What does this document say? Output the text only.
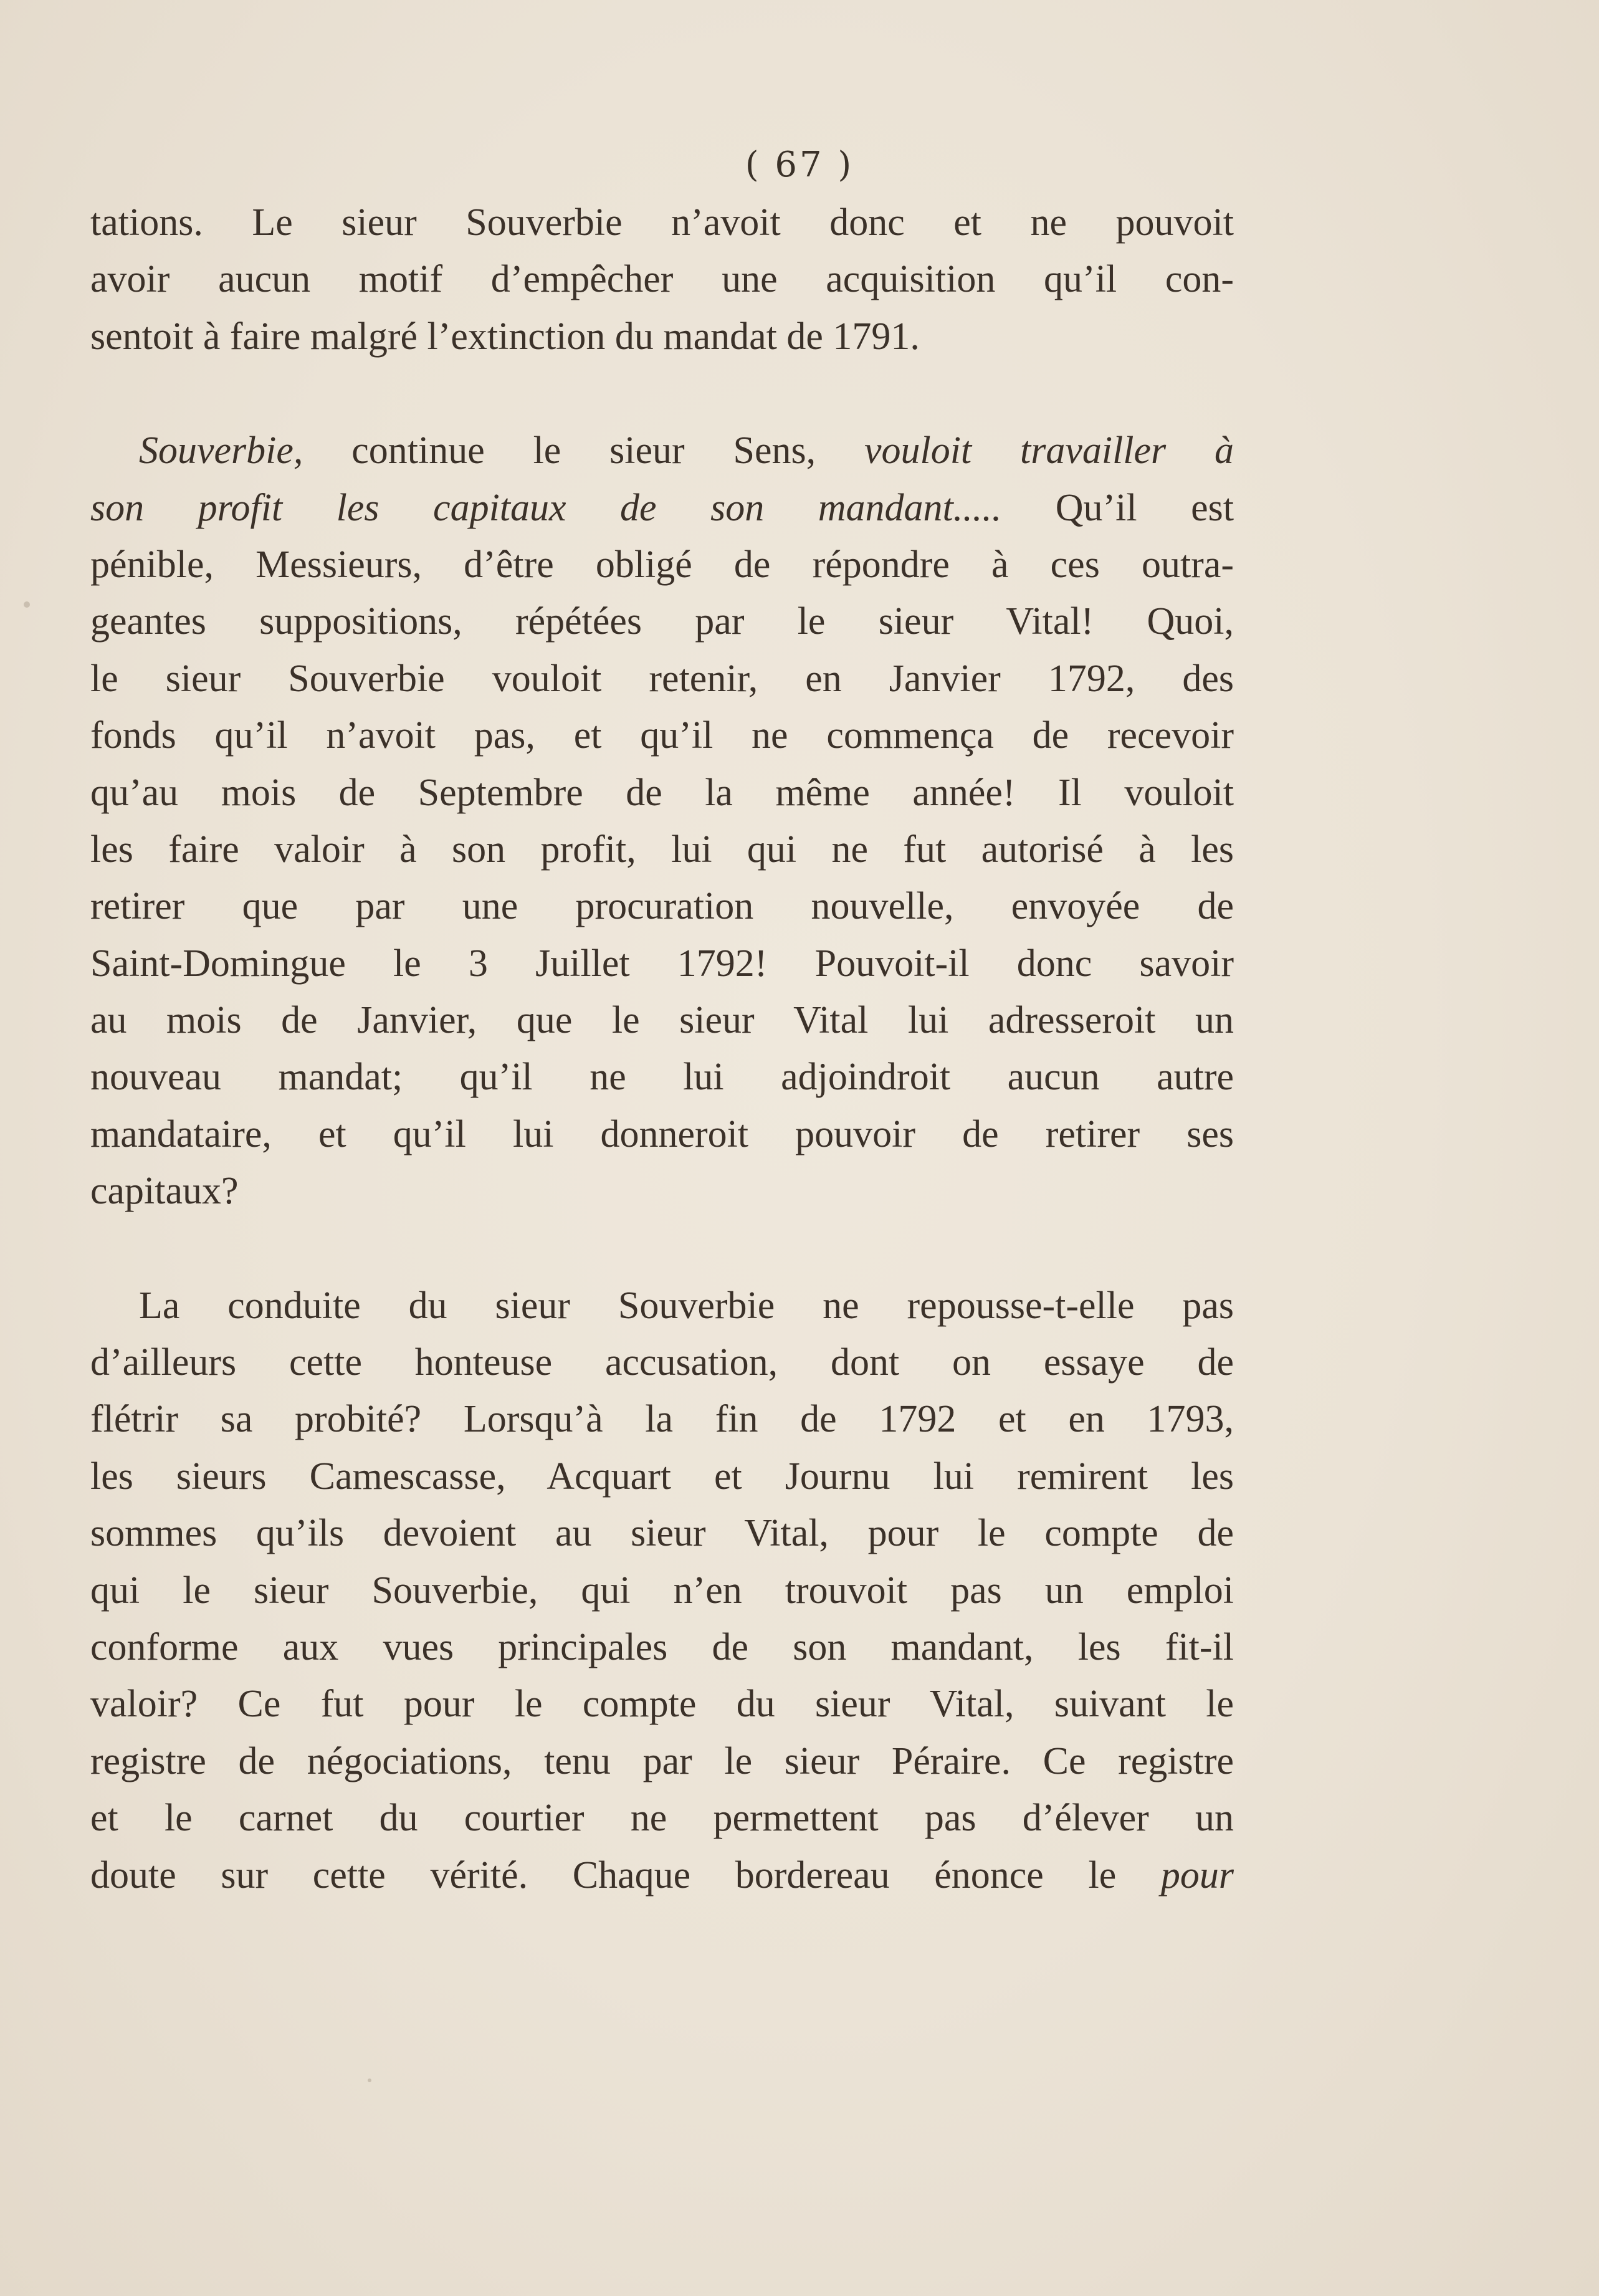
( 67 )
tations. Le sieur Souverbie n’avoit donc et ne pouvoit
avoir aucun motif d’empêcher une acquisition qu’il con-
sentoit à faire malgré l’extinction du mandat de 1791.
Souverbie, continue le sieur Sens, vouloit travailler à
son profit les capitaux de son mandant..... Qu’il est
pénible, Messieurs, d’être obligé de répondre à ces outra-
geantes suppositions, répétées par le sieur Vital! Quoi,
le sieur Souverbie vouloit retenir, en Janvier 1792, des
fonds qu’il n’avoit pas, et qu’il ne commença de recevoir
qu’au mois de Septembre de la même année! Il vouloit
les faire valoir à son profit, lui qui ne fut autorisé à les
retirer que par une procuration nouvelle, envoyée de
Saint-Domingue le 3 Juillet 1792! Pouvoit-il donc savoir
au mois de Janvier, que le sieur Vital lui adresseroit un
nouveau mandat; qu’il ne lui adjoindroit aucun autre
mandataire, et qu’il lui donneroit pouvoir de retirer ses
capitaux?
La conduite du sieur Souverbie ne repousse-t-elle pas
d’ailleurs cette honteuse accusation, dont on essaye de
flétrir sa probité? Lorsqu’à la fin de 1792 et en 1793,
les sieurs Camescasse, Acquart et Journu lui remirent les
sommes qu’ils devoient au sieur Vital, pour le compte de
qui le sieur Souverbie, qui n’en trouvoit pas un emploi
conforme aux vues principales de son mandant, les fit-il
valoir? Ce fut pour le compte du sieur Vital, suivant le
registre de négociations, tenu par le sieur Péraire. Ce registre
et le carnet du courtier ne permettent pas d’élever un
doute sur cette vérité. Chaque bordereau énonce le pour
